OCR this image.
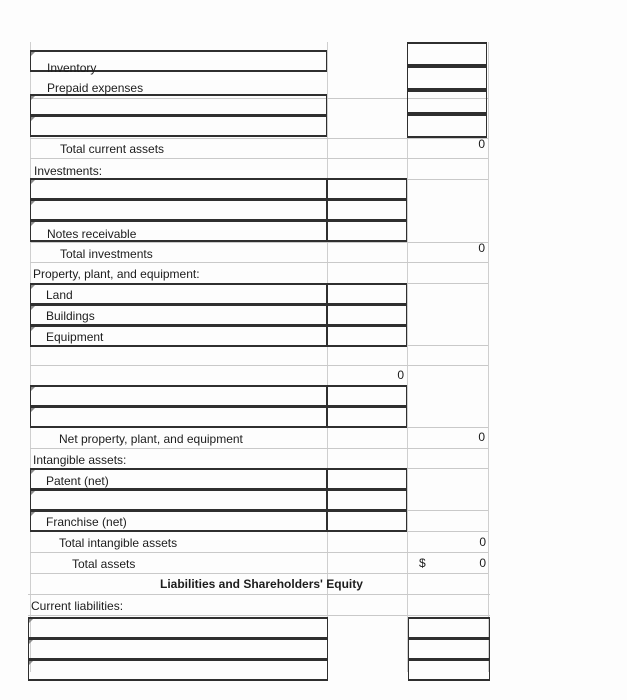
Inventory
Prepaid expenses
Total current assets
Investments:
Notes receivable
Total investments
Property, plant, and equipment:
Land
Buildings
Equipment
Net property, plant, and equipment
Intangible assets:
Patent (net)
Franchise (net)
Total intangible assets
Total assets
Liabilities and Shareholders' Equity
Current liabilities:
0
0
0
0
0
$	0
